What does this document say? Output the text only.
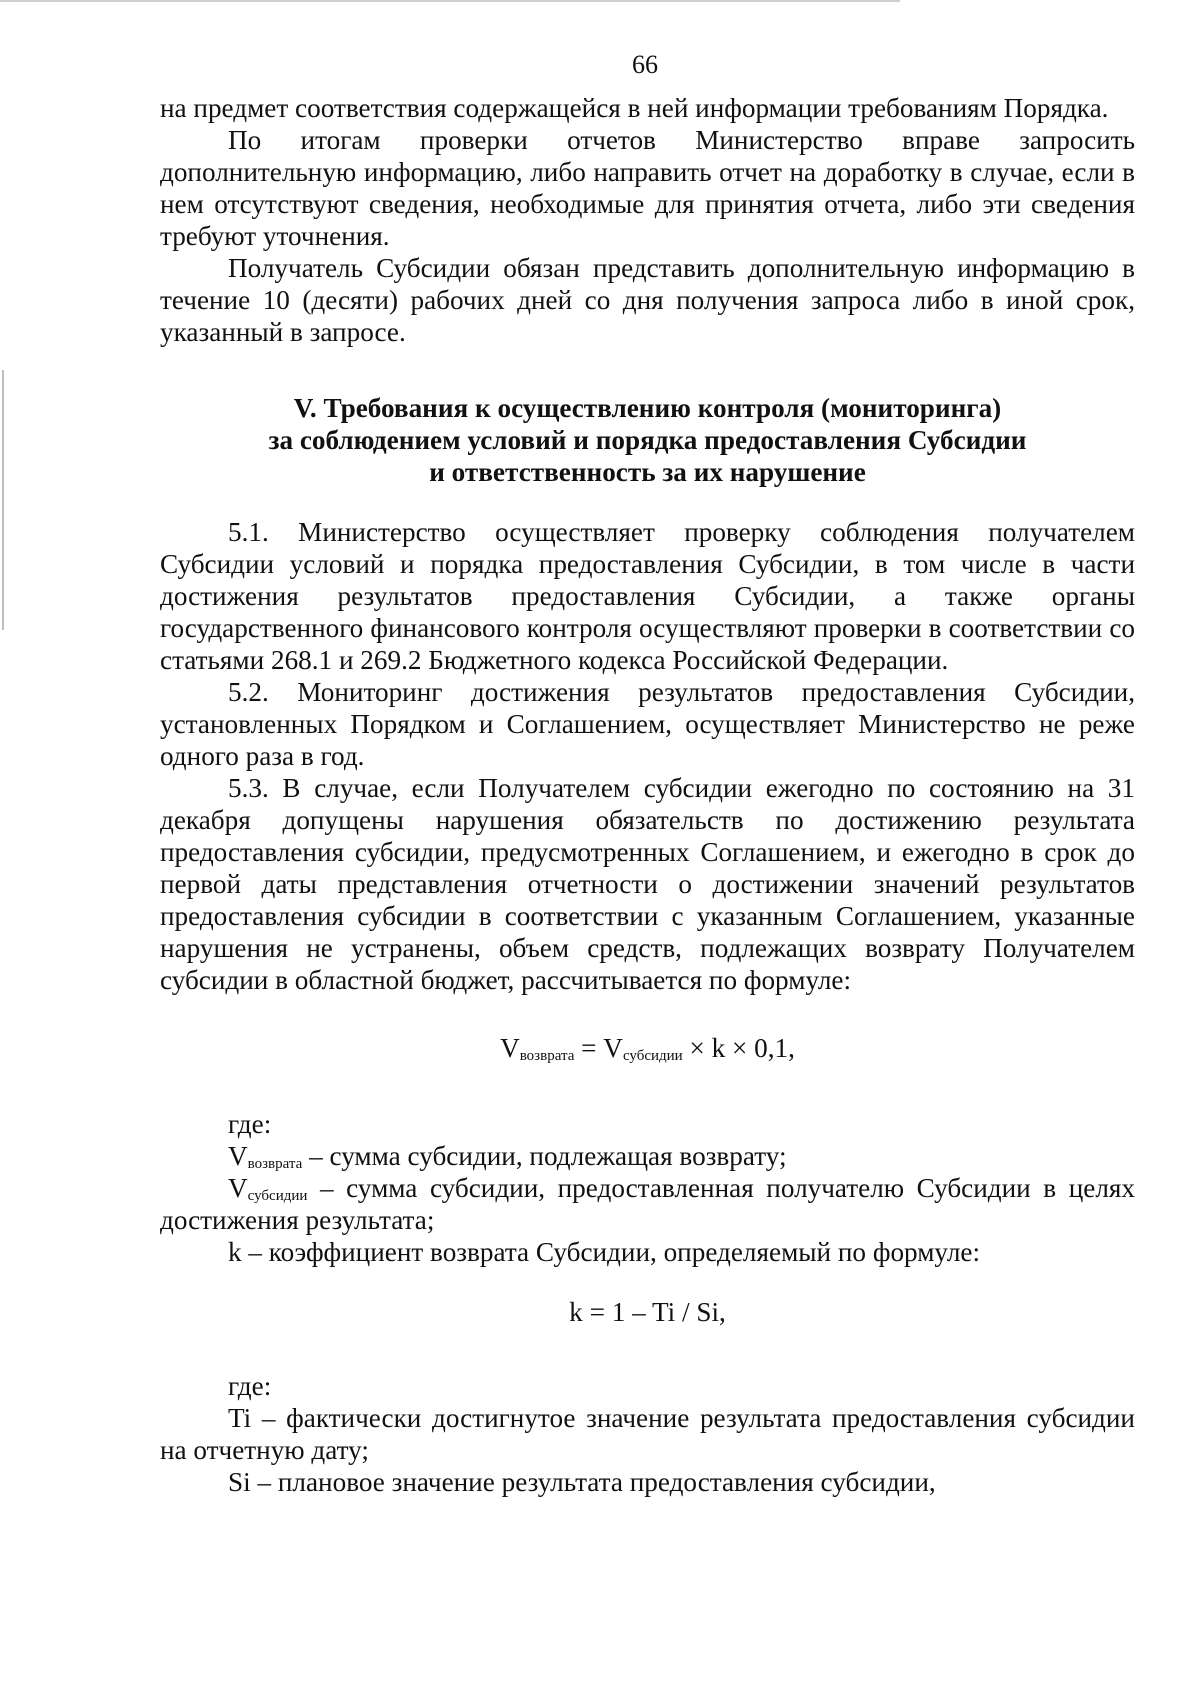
66

на предмет соответствия содержащейся в ней информации требованиям Порядка.

По итогам проверки отчетов Министерство вправе запросить дополнительную информацию, либо направить отчет на доработку в случае, если в нем отсутствуют сведения, необходимые для принятия отчета, либо эти сведения требуют уточнения.

Получатель Субсидии обязан представить дополнительную информацию в течение 10 (десяти) рабочих дней со дня получения запроса либо в иной срок, указанный в запросе.

V. Требования к осуществлению контроля (мониторинга)
за соблюдением условий и порядка предоставления Субсидии
и ответственность за их нарушение

5.1. Министерство осуществляет проверку соблюдения получателем Субсидии условий и порядка предоставления Субсидии, в том числе в части достижения результатов предоставления Субсидии, а также органы государственного финансового контроля осуществляют проверки в соответствии со статьями 268.1 и 269.2 Бюджетного кодекса Российской Федерации.

5.2. Мониторинг достижения результатов предоставления Субсидии, установленных Порядком и Соглашением, осуществляет Министерство не реже одного раза в год.

5.3. В случае, если Получателем субсидии ежегодно по состоянию на 31 декабря допущены нарушения обязательств по достижению результата предоставления субсидии, предусмотренных Соглашением, и ежегодно в срок до первой даты представления отчетности о достижении значений результатов предоставления субсидии в соответствии с указанным Соглашением, указанные нарушения не устранены, объем средств, подлежащих возврату Получателем субсидии в областной бюджет, рассчитывается по формуле:

$V_{возврата} = V_{субсидии} \times k \times 0,1$,

где:

$V_{возврата}$ – сумма субсидии, подлежащая возврату;

$V_{субсидии}$ – сумма субсидии, предоставленная получателю Субсидии в целях достижения результата;

k – коэффициент возврата Субсидии, определяемый по формуле:

k = 1 – Ti / Si,

где:

Ti – фактически достигнутое значение результата предоставления субсидии на отчетную дату;

Si – плановое значение результата предоставления субсидии,
